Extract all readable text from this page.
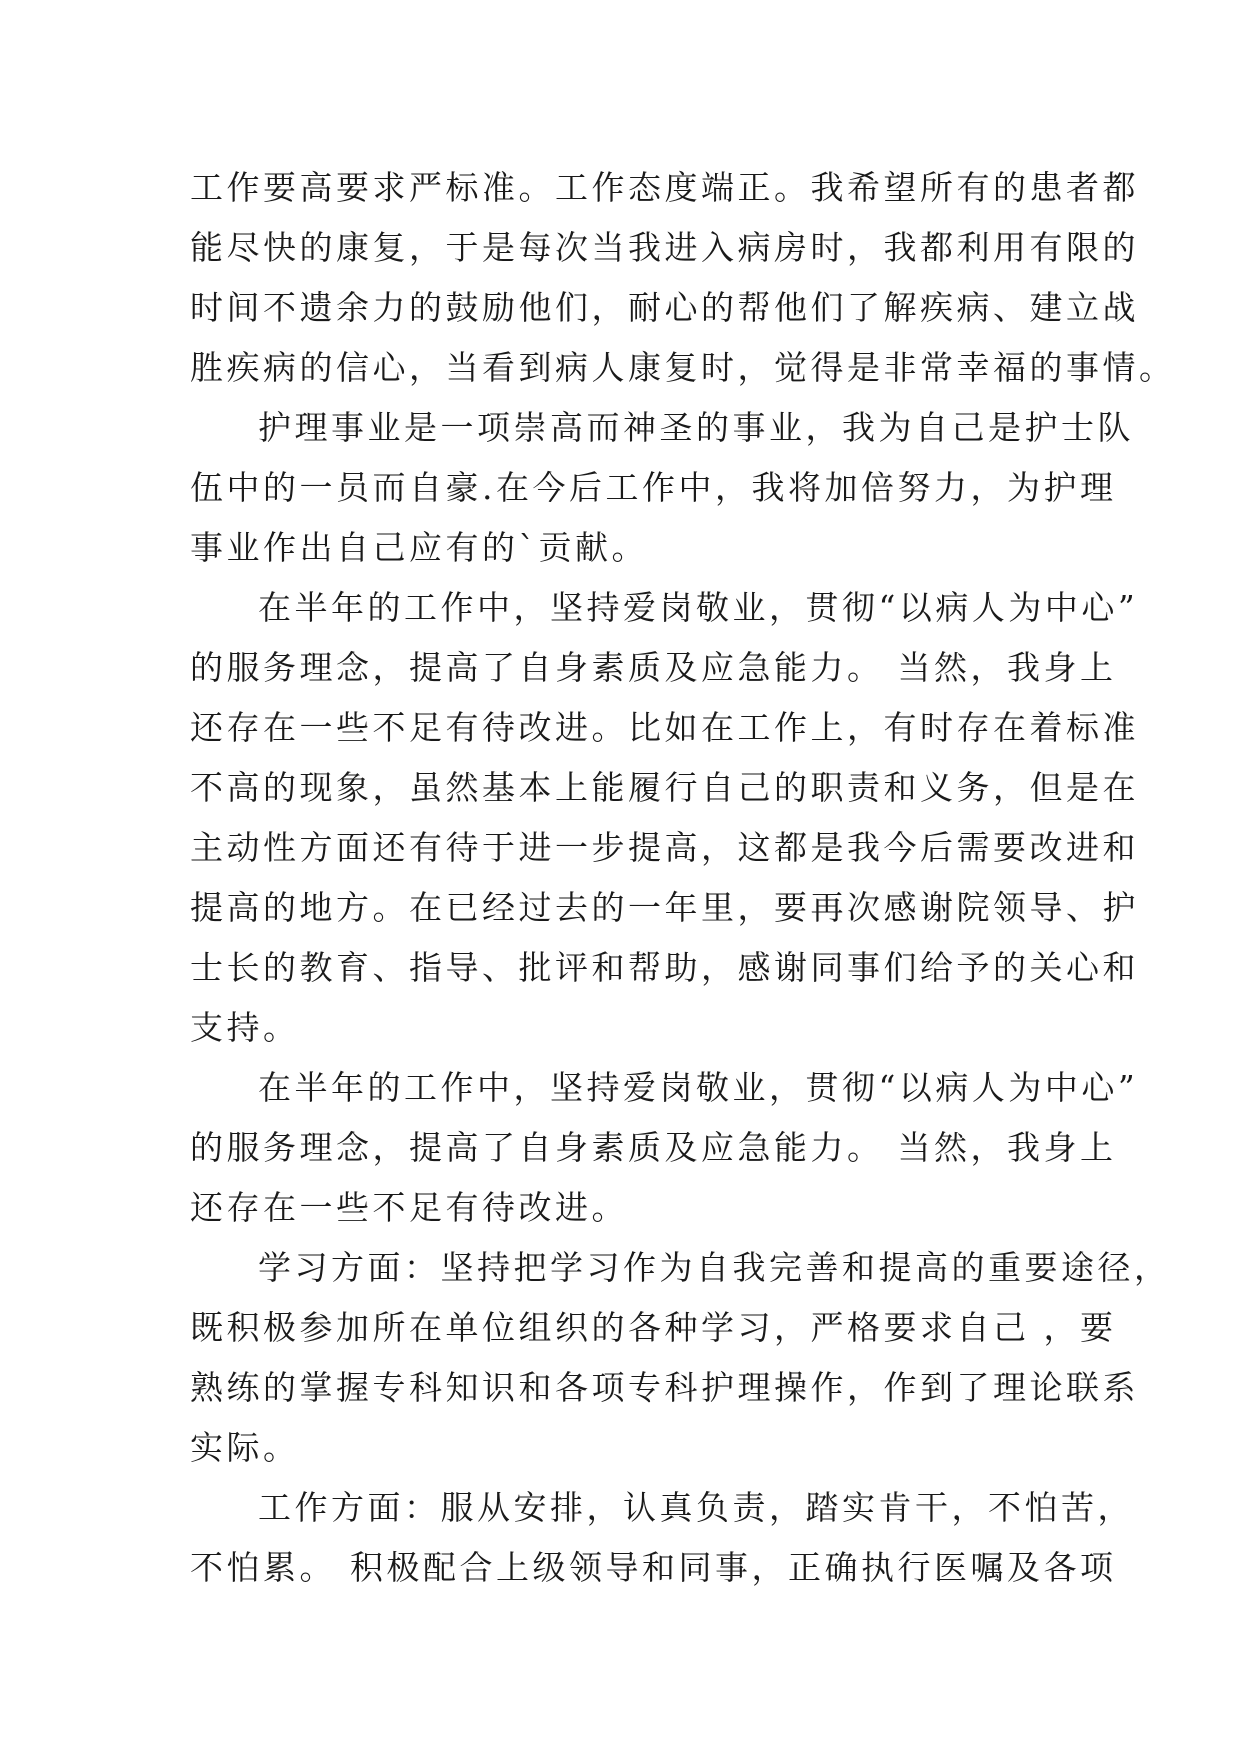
工作要高要求严标准。工作态度端正。我希望所有的患者都
能尽快的康复，于是每次当我进入病房时，我都利用有限的
时间不遗余力的鼓励他们，耐心的帮他们了解疾病、建立战
胜疾病的信心，当看到病人康复时，觉得是非常幸福的事情。
护理事业是一项崇高而神圣的事业，我为自己是护士队
伍中的一员而自豪.在今后工作中，我将加倍努力，为护理
事业作出自己应有的`贡献。
在半年的工作中，坚持爱岗敬业，贯彻“以病人为中心”
的服务理念，提高了自身素质及应急能力。 当然，我身上
还存在一些不足有待改进。比如在工作上，有时存在着标准
不高的现象，虽然基本上能履行自己的职责和义务，但是在
主动性方面还有待于进一步提高，这都是我今后需要改进和
提高的地方。在已经过去的一年里，要再次感谢院领导、护
士长的教育、指导、批评和帮助，感谢同事们给予的关心和
支持。
在半年的工作中，坚持爱岗敬业，贯彻“以病人为中心”
的服务理念，提高了自身素质及应急能力。 当然，我身上
还存在一些不足有待改进。
学习方面：坚持把学习作为自我完善和提高的重要途径，
既积极参加所在单位组织的各种学习，严格要求自己 ，要
熟练的掌握专科知识和各项专科护理操作，作到了理论联系
实际。
工作方面：服从安排，认真负责，踏实肯干，不怕苦，
不怕累。 积极配合上级领导和同事，正确执行医嘱及各项
